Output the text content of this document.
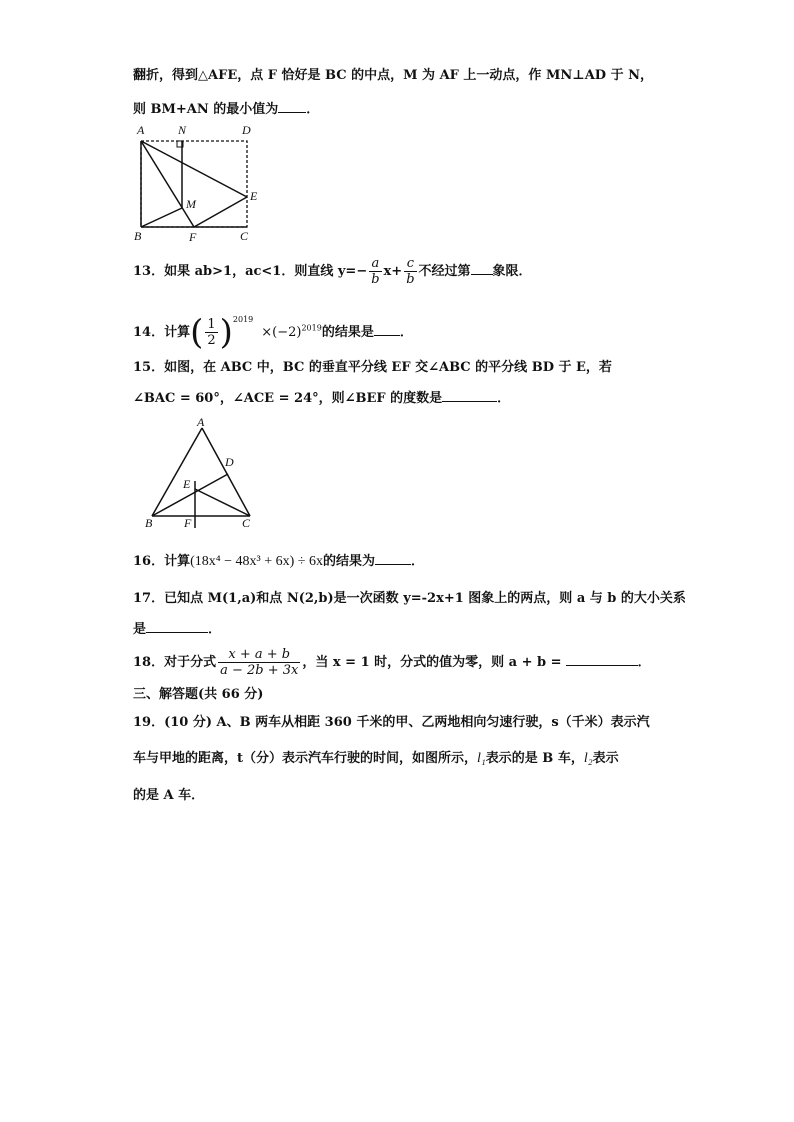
翻折，得到△AFE，点 F 恰好是 BC 的中点，M 为 AF 上一动点，作 MN⊥AD 于 N，
则 BM+AN 的最小值为 ．
A	N	D
M
E
B	F	C
13．如果 ab>1，ac<1．则直线 $y=- \frac{a}{b} x+ \frac{c}{b}$ 不经过第 象限．
14．计算( $\frac{1}{2} )^{2019}\times(-2)^{2019}$的结果是 ．
15．如图，在 ABC 中，BC 的垂直平分线 EF 交∠ABC 的平分线 BD 于 E，若
∠BAC = 60°，∠ACE = 24°，则∠BEF 的度数是	．
A
D
E
B	F	C
16．计算(18x⁴ − 48x³ + 6x) ÷ 6x的结果为	．
17．已知点 M(1,a)和点 N(2,b)是一次函数 y=-2x+1 图象上的两点，则 a 与 b 的大小关系
是	．
18．对于分式 $\frac{x + a + b}{a - 2b + 3x}$ ，当 x = 1 时，分式的值为零，则 a + b =	．
三、解答题(共 66 分)
19．(10 分) A、B 两车从相距 360 千米的甲、乙两地相向匀速行驶，s（千米）表示汽
车与甲地的距离，t（分）表示汽车行驶的时间，如图所示，l₁表示的是 B 车，l₂表示
的是 A 车．
